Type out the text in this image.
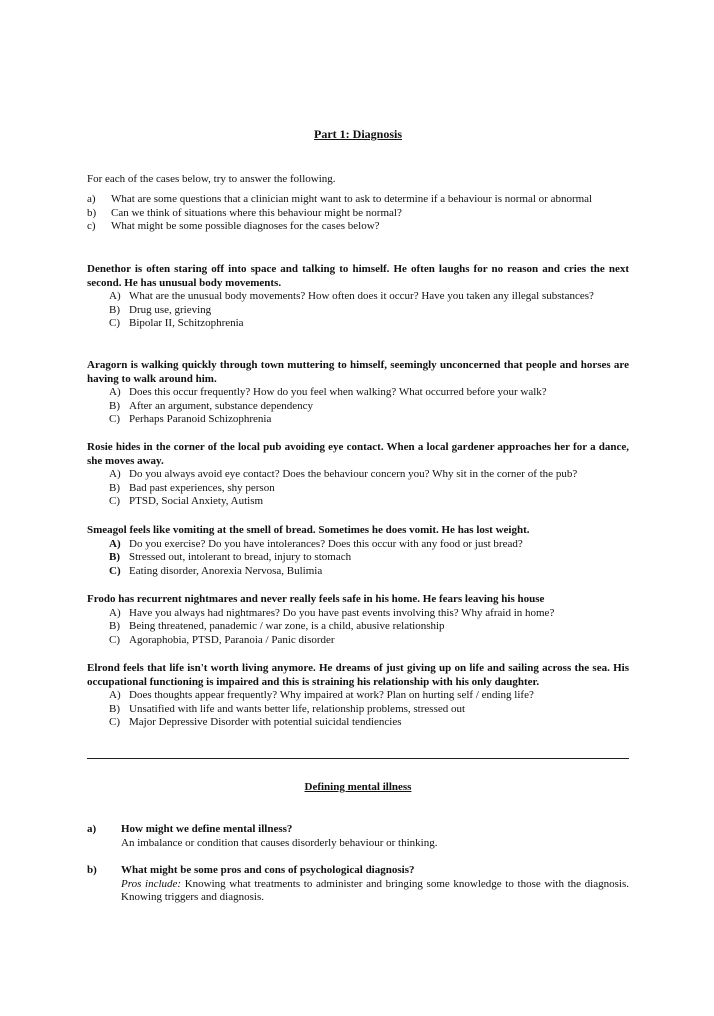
Part 1: Diagnosis
For each of the cases below, try to answer the following.
a)	What are some questions that a clinician might want to ask to determine if a behaviour is normal or abnormal
b)	Can we think of situations where this behaviour might be normal?
c)	What might be some possible diagnoses for the cases below?
Denethor is often staring off into space and talking to himself. He often laughs for no reason and cries the next second. He has unusual body movements.
A) What are the unusual body movements? How often does it occur? Have you taken any illegal substances?
B) Drug use, grieving
C) Bipolar II, Schitzophrenia
Aragorn is walking quickly through town muttering to himself, seemingly unconcerned that people and horses are having to walk around him.
A) Does this occur frequently? How do you feel when walking? What occurred before your walk?
B) After an argument, substance dependency
C) Perhaps Paranoid Schizophrenia
Rosie hides in the corner of the local pub avoiding eye contact. When a local gardener approaches her for a dance, she moves away.
A) Do you always avoid eye contact? Does the behaviour concern you? Why sit in the corner of the pub?
B) Bad past experiences, shy person
C) PTSD, Social Anxiety, Autism
Smeagol feels like vomiting at the smell of bread. Sometimes he does vomit. He has lost weight.
A) Do you exercise? Do you have intolerances? Does this occur with any food or just bread?
B) Stressed out, intolerant to bread, injury to stomach
C) Eating disorder, Anorexia Nervosa, Bulimia
Frodo has recurrent nightmares and never really feels safe in his home. He fears leaving his house
A) Have you always had nightmares? Do you have past events involving this? Why afraid in home?
B) Being threatened, panademic / war zone, is a child, abusive relationship
C) Agoraphobia, PTSD, Paranoia / Panic disorder
Elrond feels that life isn't worth living anymore. He dreams of just giving up on life and sailing across the sea. His occupational functioning is impaired and this is straining his relationship with his only daughter.
A) Does thoughts appear frequently? Why impaired at work? Plan on hurting self / ending life?
B) Unsatified with life and wants better life, relationship problems, stressed out
C) Major Depressive Disorder with potential suicidal tendiencies
Defining mental illness
a)	How might we define mental illness?
An imbalance or condition that causes disorderly behaviour or thinking.
b)	What might be some pros and cons of psychological diagnosis?
Pros include: Knowing what treatments to administer and bringing some knowledge to those with the diagnosis. Knowing triggers and diagnosis.
